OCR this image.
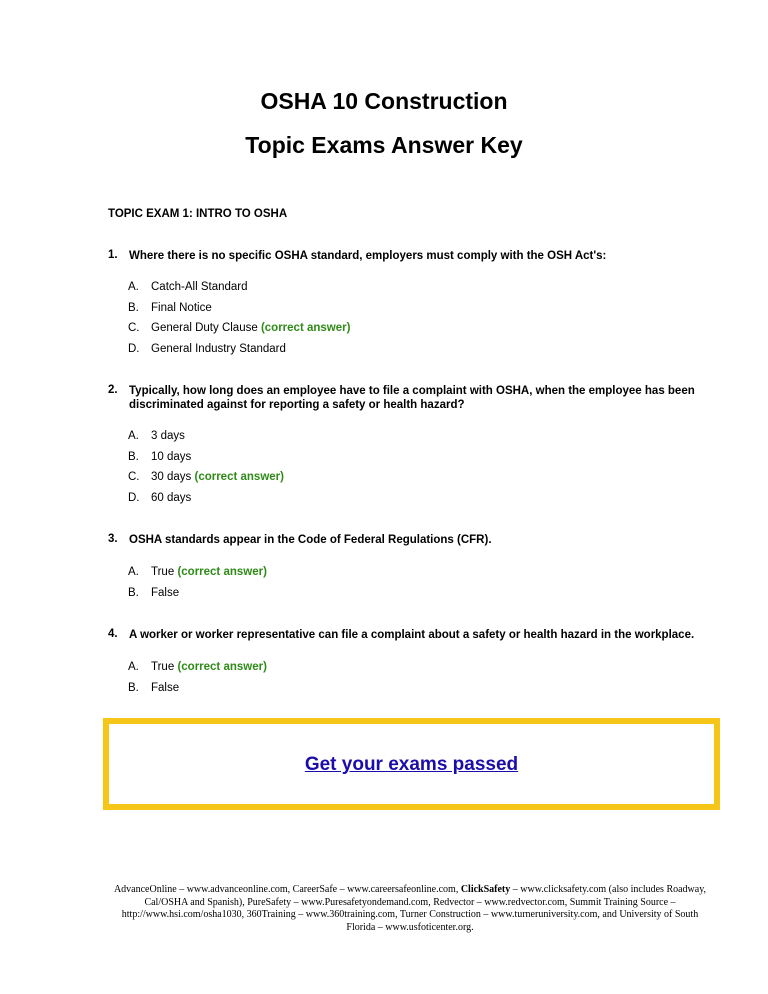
OSHA 10 Construction
Topic Exams Answer Key
TOPIC EXAM 1: INTRO TO OSHA
1. Where there is no specific OSHA standard, employers must comply with the OSH Act's:
A. Catch-All Standard
B. Final Notice
C. General Duty Clause (correct answer)
D. General Industry Standard
2. Typically, how long does an employee have to file a complaint with OSHA, when the employee has been discriminated against for reporting a safety or health hazard?
A. 3 days
B. 10 days
C. 30 days (correct answer)
D. 60 days
3. OSHA standards appear in the Code of Federal Regulations (CFR).
A. True (correct answer)
B. False
4. A worker or worker representative can file a complaint about a safety or health hazard in the workplace.
A. True (correct answer)
B. False
Get your exams passed
AdvanceOnline – www.advanceonline.com, CareerSafe – www.careersafeonline.com, ClickSafety – www.clicksafety.com (also includes Roadway, Cal/OSHA and Spanish), PureSafety – www.Puresafetyondemand.com, Redvector – www.redvector.com, Summit Training Source – http://www.hsi.com/osha1030, 360Training – www.360training.com, Turner Construction – www.turneruniversity.com, and University of South Florida – www.usfoticenter.org.
